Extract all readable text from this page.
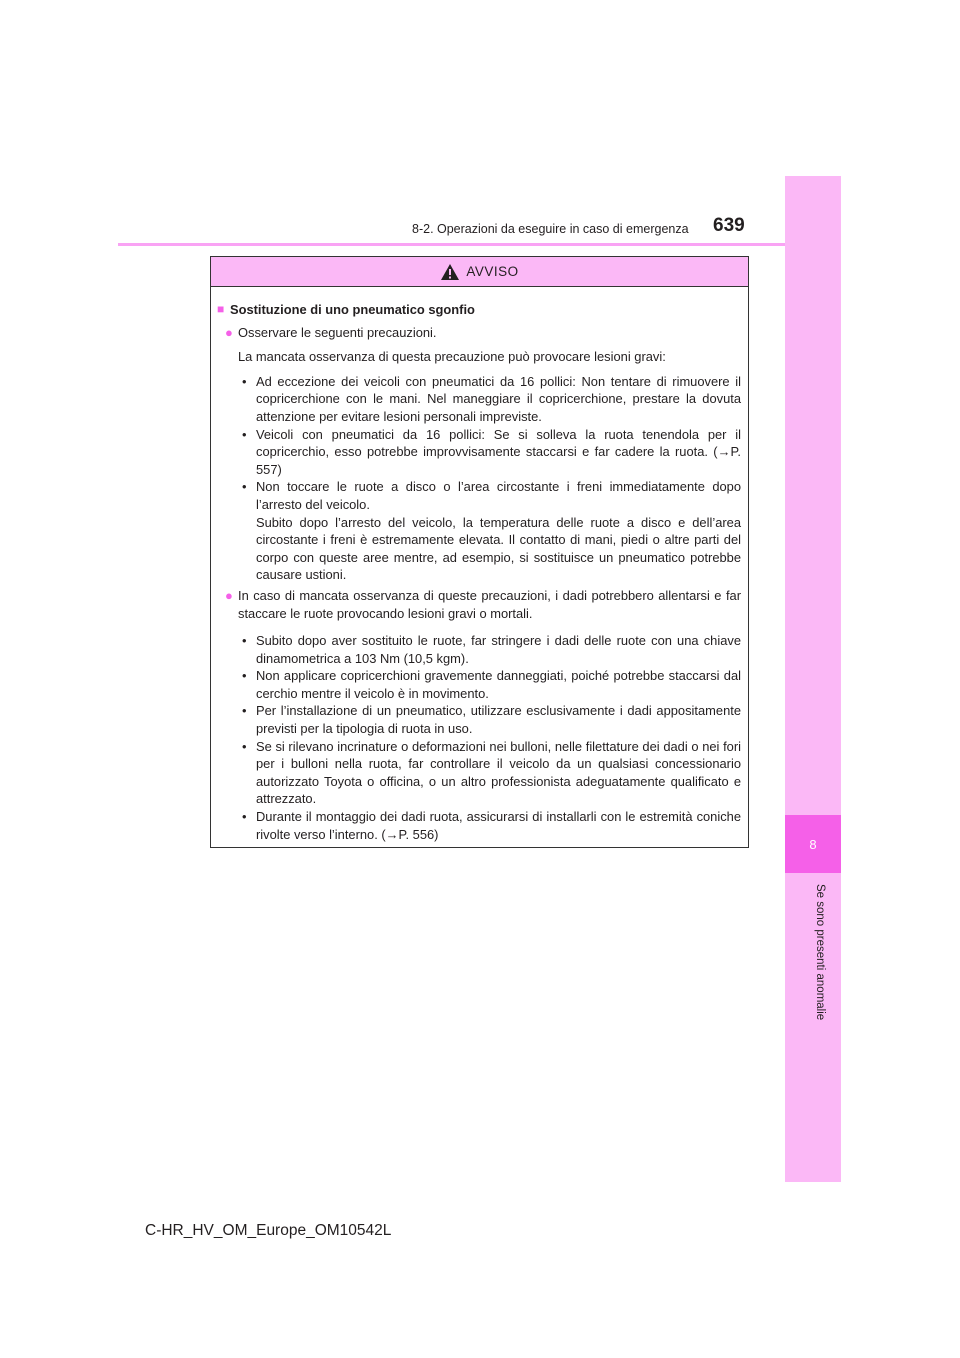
8-2. Operazioni da eseguire in caso di emergenza 639
8
Se sono presenti anomalie
AVVISO
■ Sostituzione di uno pneumatico sgonfio
● Osservare le seguenti precauzioni.
La mancata osservanza di questa precauzione può provocare lesioni gravi:
• Ad eccezione dei veicoli con pneumatici da 16 pollici: Non tentare di rimuovere il copricerchione con le mani. Nel maneggiare il copricerchione, prestare la dovuta attenzione per evitare lesioni personali impreviste.
• Veicoli con pneumatici da 16 pollici: Se si solleva la ruota tenendola per il copricerchio, esso potrebbe improvvisamente staccarsi e far cadere la ruota. (→P. 557)
• Non toccare le ruote a disco o l’area circostante i freni immediatamente dopo l’arresto del veicolo.
Subito dopo l’arresto del veicolo, la temperatura delle ruote a disco e dell’area circostante i freni è estremamente elevata. Il contatto di mani, piedi o altre parti del corpo con queste aree mentre, ad esempio, si sostituisce un pneumatico potrebbe causare ustioni.
● In caso di mancata osservanza di queste precauzioni, i dadi potrebbero allentarsi e far staccare le ruote provocando lesioni gravi o mortali.
• Subito dopo aver sostituito le ruote, far stringere i dadi delle ruote con una chiave dinamometrica a 103 Nm (10,5 kgm).
• Non applicare copricerchioni gravemente danneggiati, poiché potrebbe staccarsi dal cerchio mentre il veicolo è in movimento.
• Per l’installazione di un pneumatico, utilizzare esclusivamente i dadi appositamente previsti per la tipologia di ruota in uso.
• Se si rilevano incrinature o deformazioni nei bulloni, nelle filettature dei dadi o nei fori per i bulloni nella ruota, far controllare il veicolo da un qualsiasi concessionario autorizzato Toyota o officina, o un altro professionista adeguatamente qualificato e attrezzato.
• Durante il montaggio dei dadi ruota, assicurarsi di installarli con le estremità coniche rivolte verso l’interno. (→P. 556)
C-HR_HV_OM_Europe_OM10542L
